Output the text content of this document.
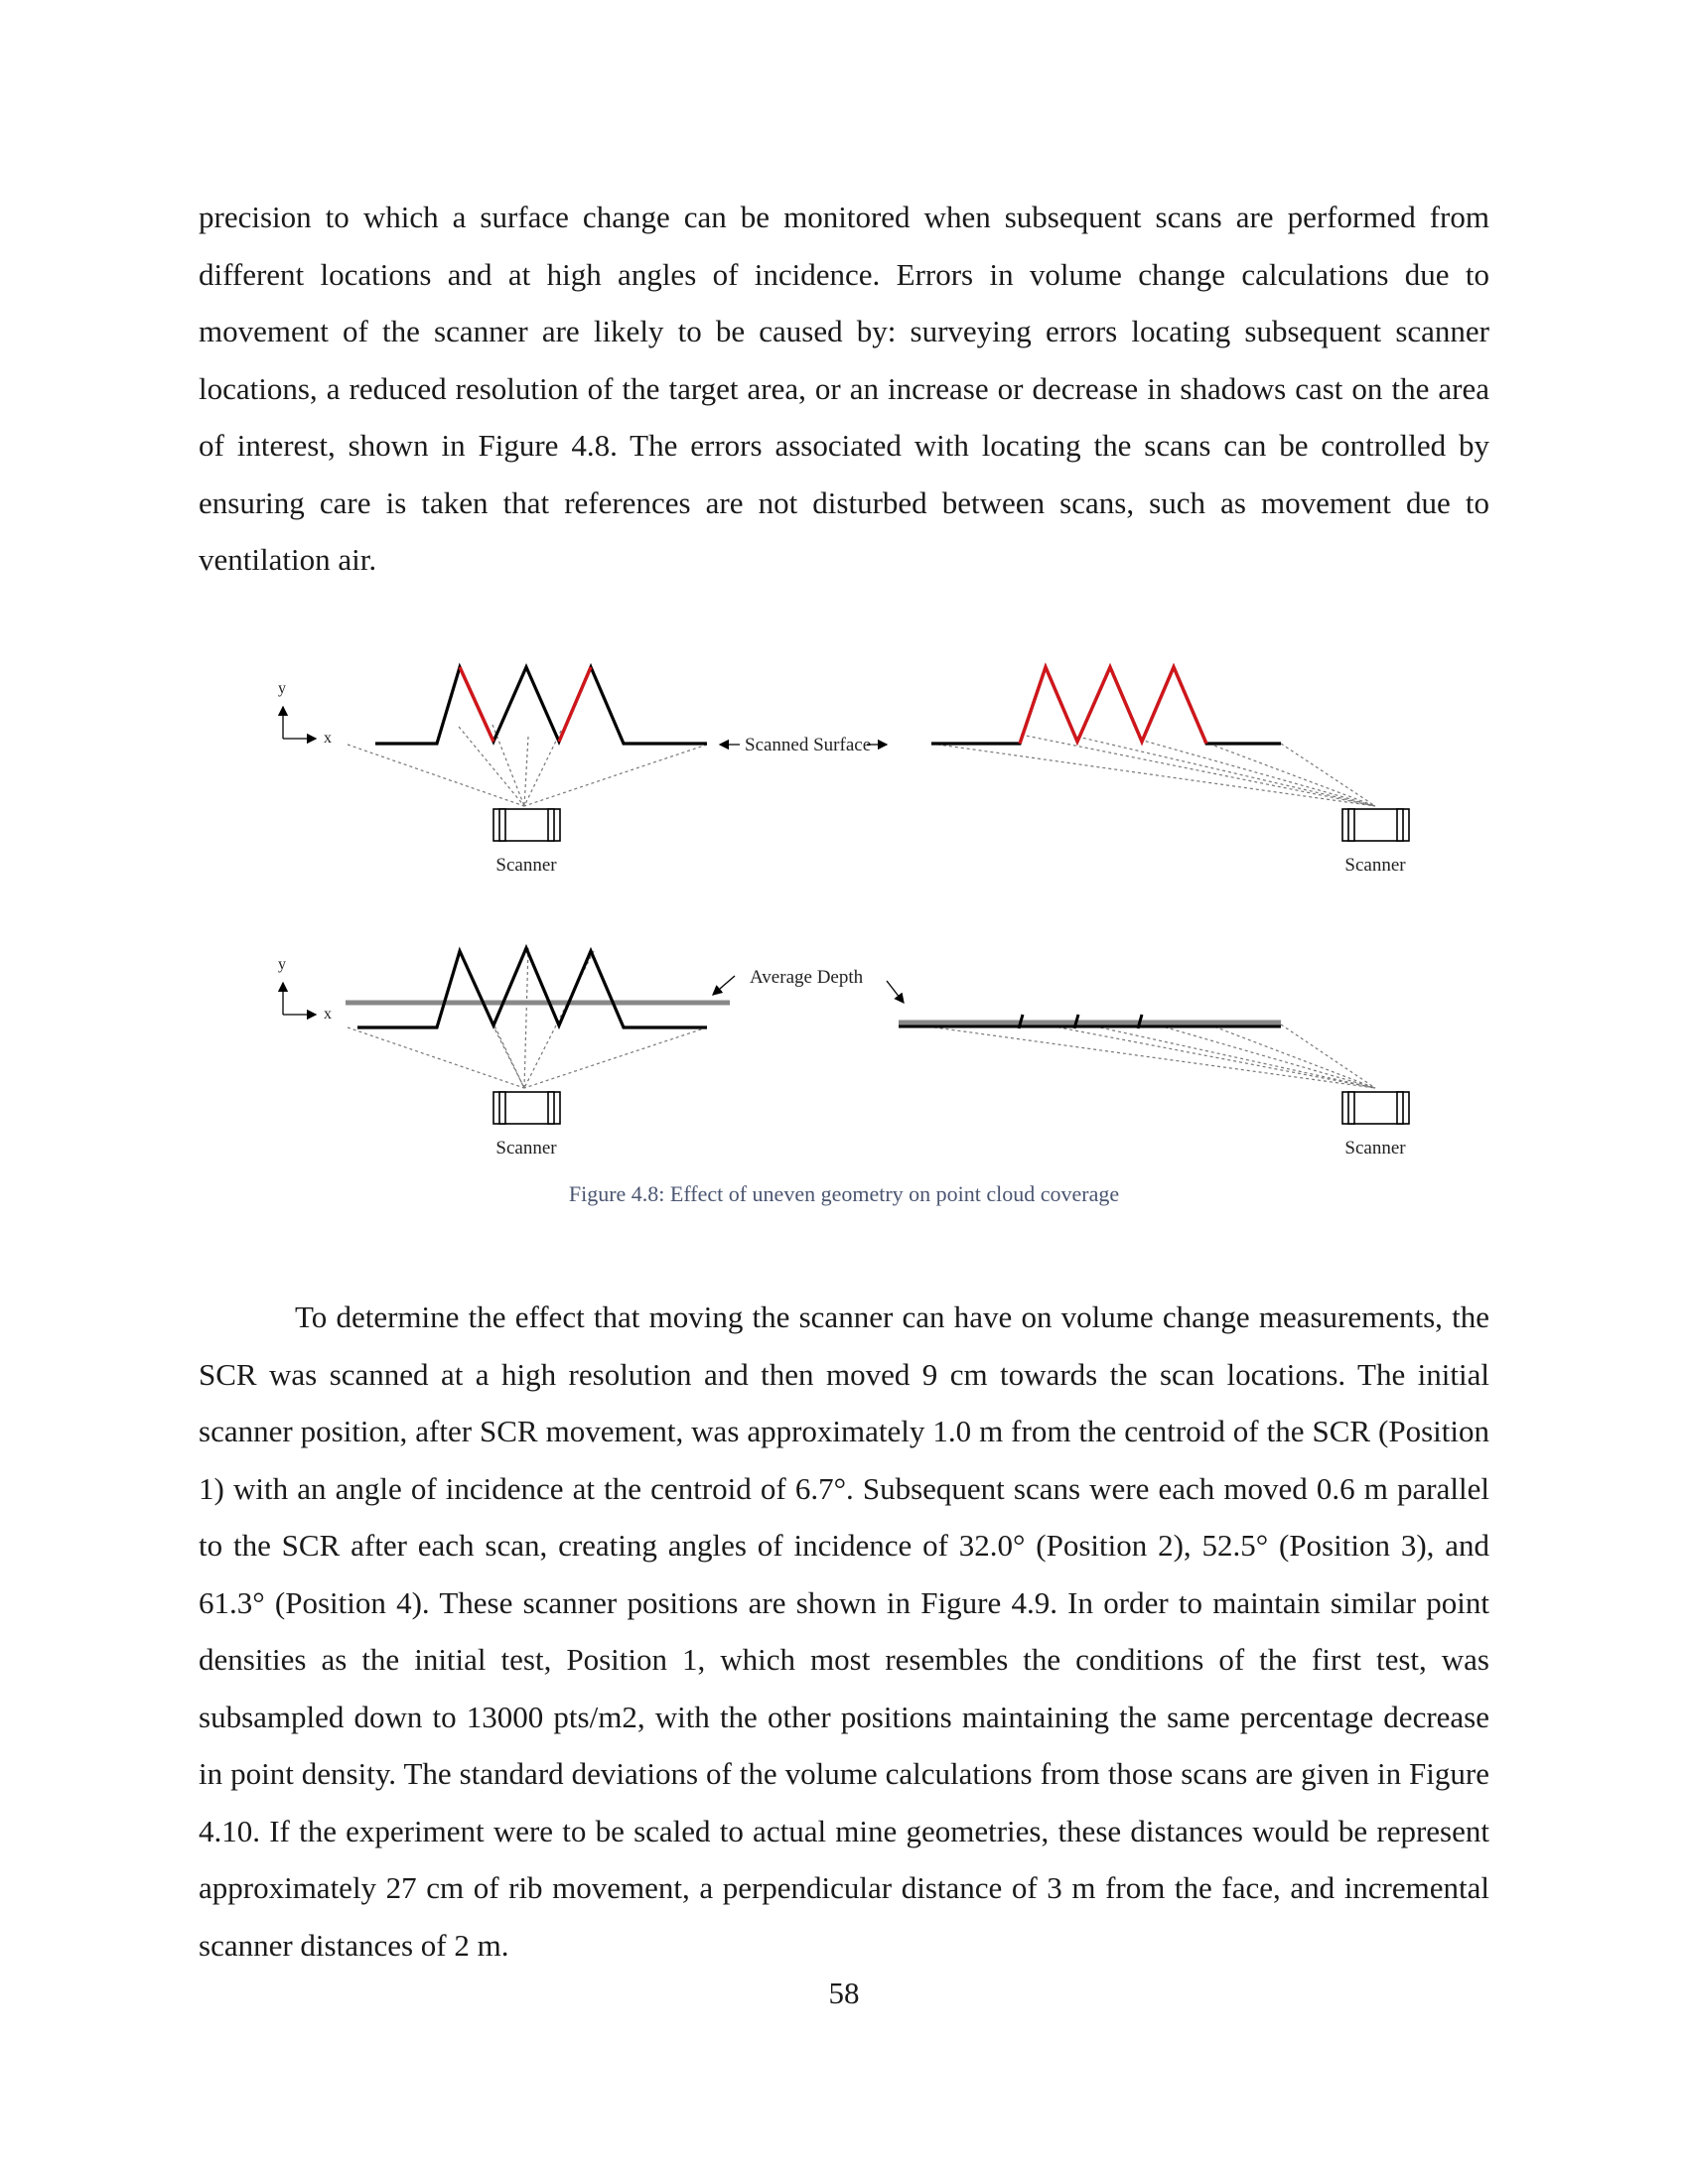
precision to which a surface change can be monitored when subsequent scans are performed from different locations and at high angles of incidence. Errors in volume change calculations due to movement of the scanner are likely to be caused by: surveying errors locating subsequent scanner locations, a reduced resolution of the target area, or an increase or decrease in shadows cast on the area of interest, shown in Figure 4.8. The errors associated with locating the scans can be controlled by ensuring care is taken that references are not disturbed between scans, such as movement due to ventilation air.

y
x
Scanner
Scanned Surface
Scanner
y
x
Scanner
Average Depth
Scanner

Figure 4.8: Effect of uneven geometry on point cloud coverage

To determine the effect that moving the scanner can have on volume change measurements, the SCR was scanned at a high resolution and then moved 9 cm towards the scan locations. The initial scanner position, after SCR movement, was approximately 1.0 m from the centroid of the SCR (Position 1) with an angle of incidence at the centroid of 6.7°. Subsequent scans were each moved 0.6 m parallel to the SCR after each scan, creating angles of incidence of 32.0° (Position 2), 52.5° (Position 3), and 61.3° (Position 4). These scanner positions are shown in Figure 4.9. In order to maintain similar point densities as the initial test, Position 1, which most resembles the conditions of the first test, was subsampled down to 13000 pts/m2, with the other positions maintaining the same percentage decrease in point density. The standard deviations of the volume calculations from those scans are given in Figure 4.10. If the experiment were to be scaled to actual mine geometries, these distances would be represent approximately 27 cm of rib movement, a perpendicular distance of 3 m from the face, and incremental scanner distances of 2 m.

58
